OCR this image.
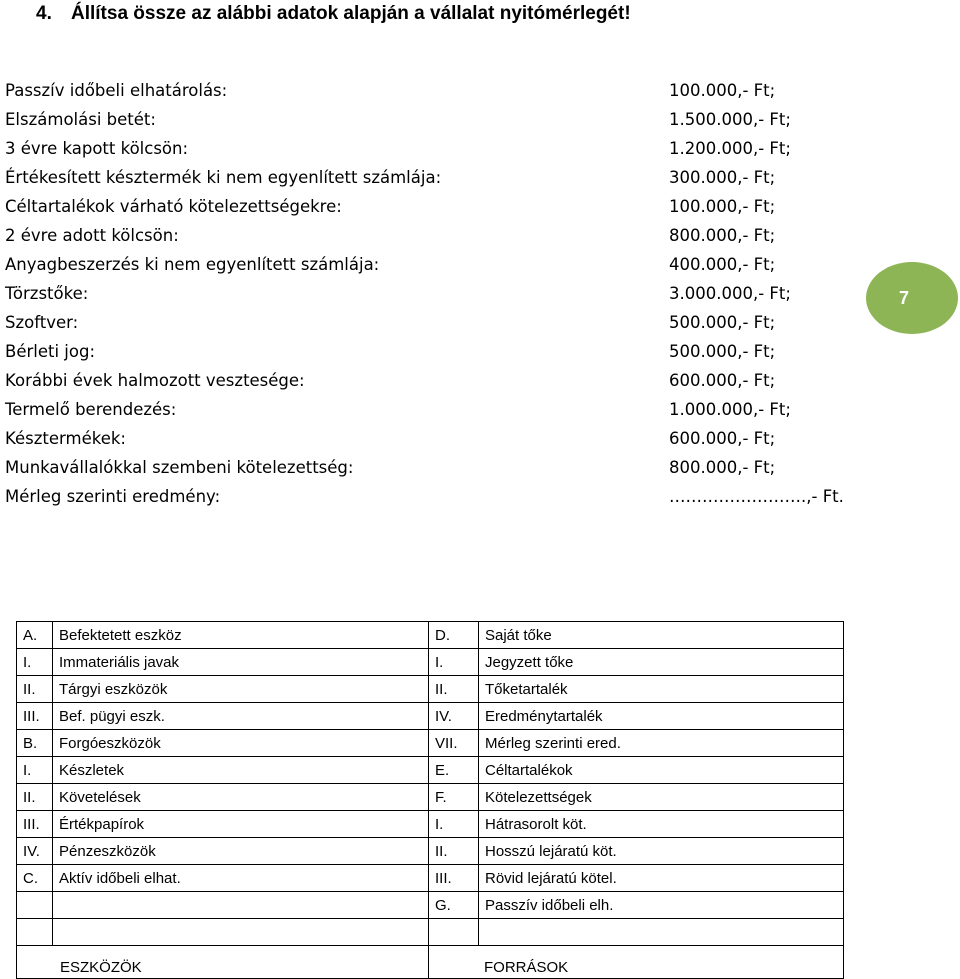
4. Állítsa össze az alábbi adatok alapján a vállalat nyitómérlegét!
Passzív időbeli elhatárolás:	100.000,- Ft;
Elszámolási betét:	1.500.000,- Ft;
3 évre kapott kölcsön:	1.200.000,- Ft;
Értékesített késztermék ki nem egyenlített számlája:	300.000,- Ft;
Céltartalékok várható kötelezettségekre:	100.000,- Ft;
2 évre adott kölcsön:	800.000,- Ft;
Anyagbeszerzés ki nem egyenlített számlája:	400.000,- Ft;
Törzstőke:	3.000.000,- Ft;
Szoftver:	500.000,- Ft;
Bérleti jog:	500.000,- Ft;
Korábbi évek halmozott vesztesége:	600.000,- Ft;
Termelő berendezés:	1.000.000,- Ft;
Késztermékek:	600.000,- Ft;
Munkavállalókkal szembeni kötelezettség:	800.000,- Ft;
Mérleg szerinti eredmény:	…………………….,- Ft.
7
A.	Befektetett eszköz	D.	Saját tőke
I.	Immateriális javak	I.	Jegyzett tőke
II.	Tárgyi eszközök	II.	Tőketartalék
III.	Bef. pügyi eszk.	IV.	Eredménytartalék
B.	Forgóeszközök	VII.	Mérleg szerinti ered.
I.	Készletek	E.	Céltartalékok
II.	Követelések	F.	Kötelezettségek
III.	Értékpapírok	I.	Hátrasorolt köt.
IV.	Pénzeszközök	II.	Hosszú lejáratú köt.
C.	Aktív időbeli elhat.	III.	Rövid lejáratú kötel.
		G.	Passzív időbeli elh.

ESZKÖZÖK		FORRÁSOK	
